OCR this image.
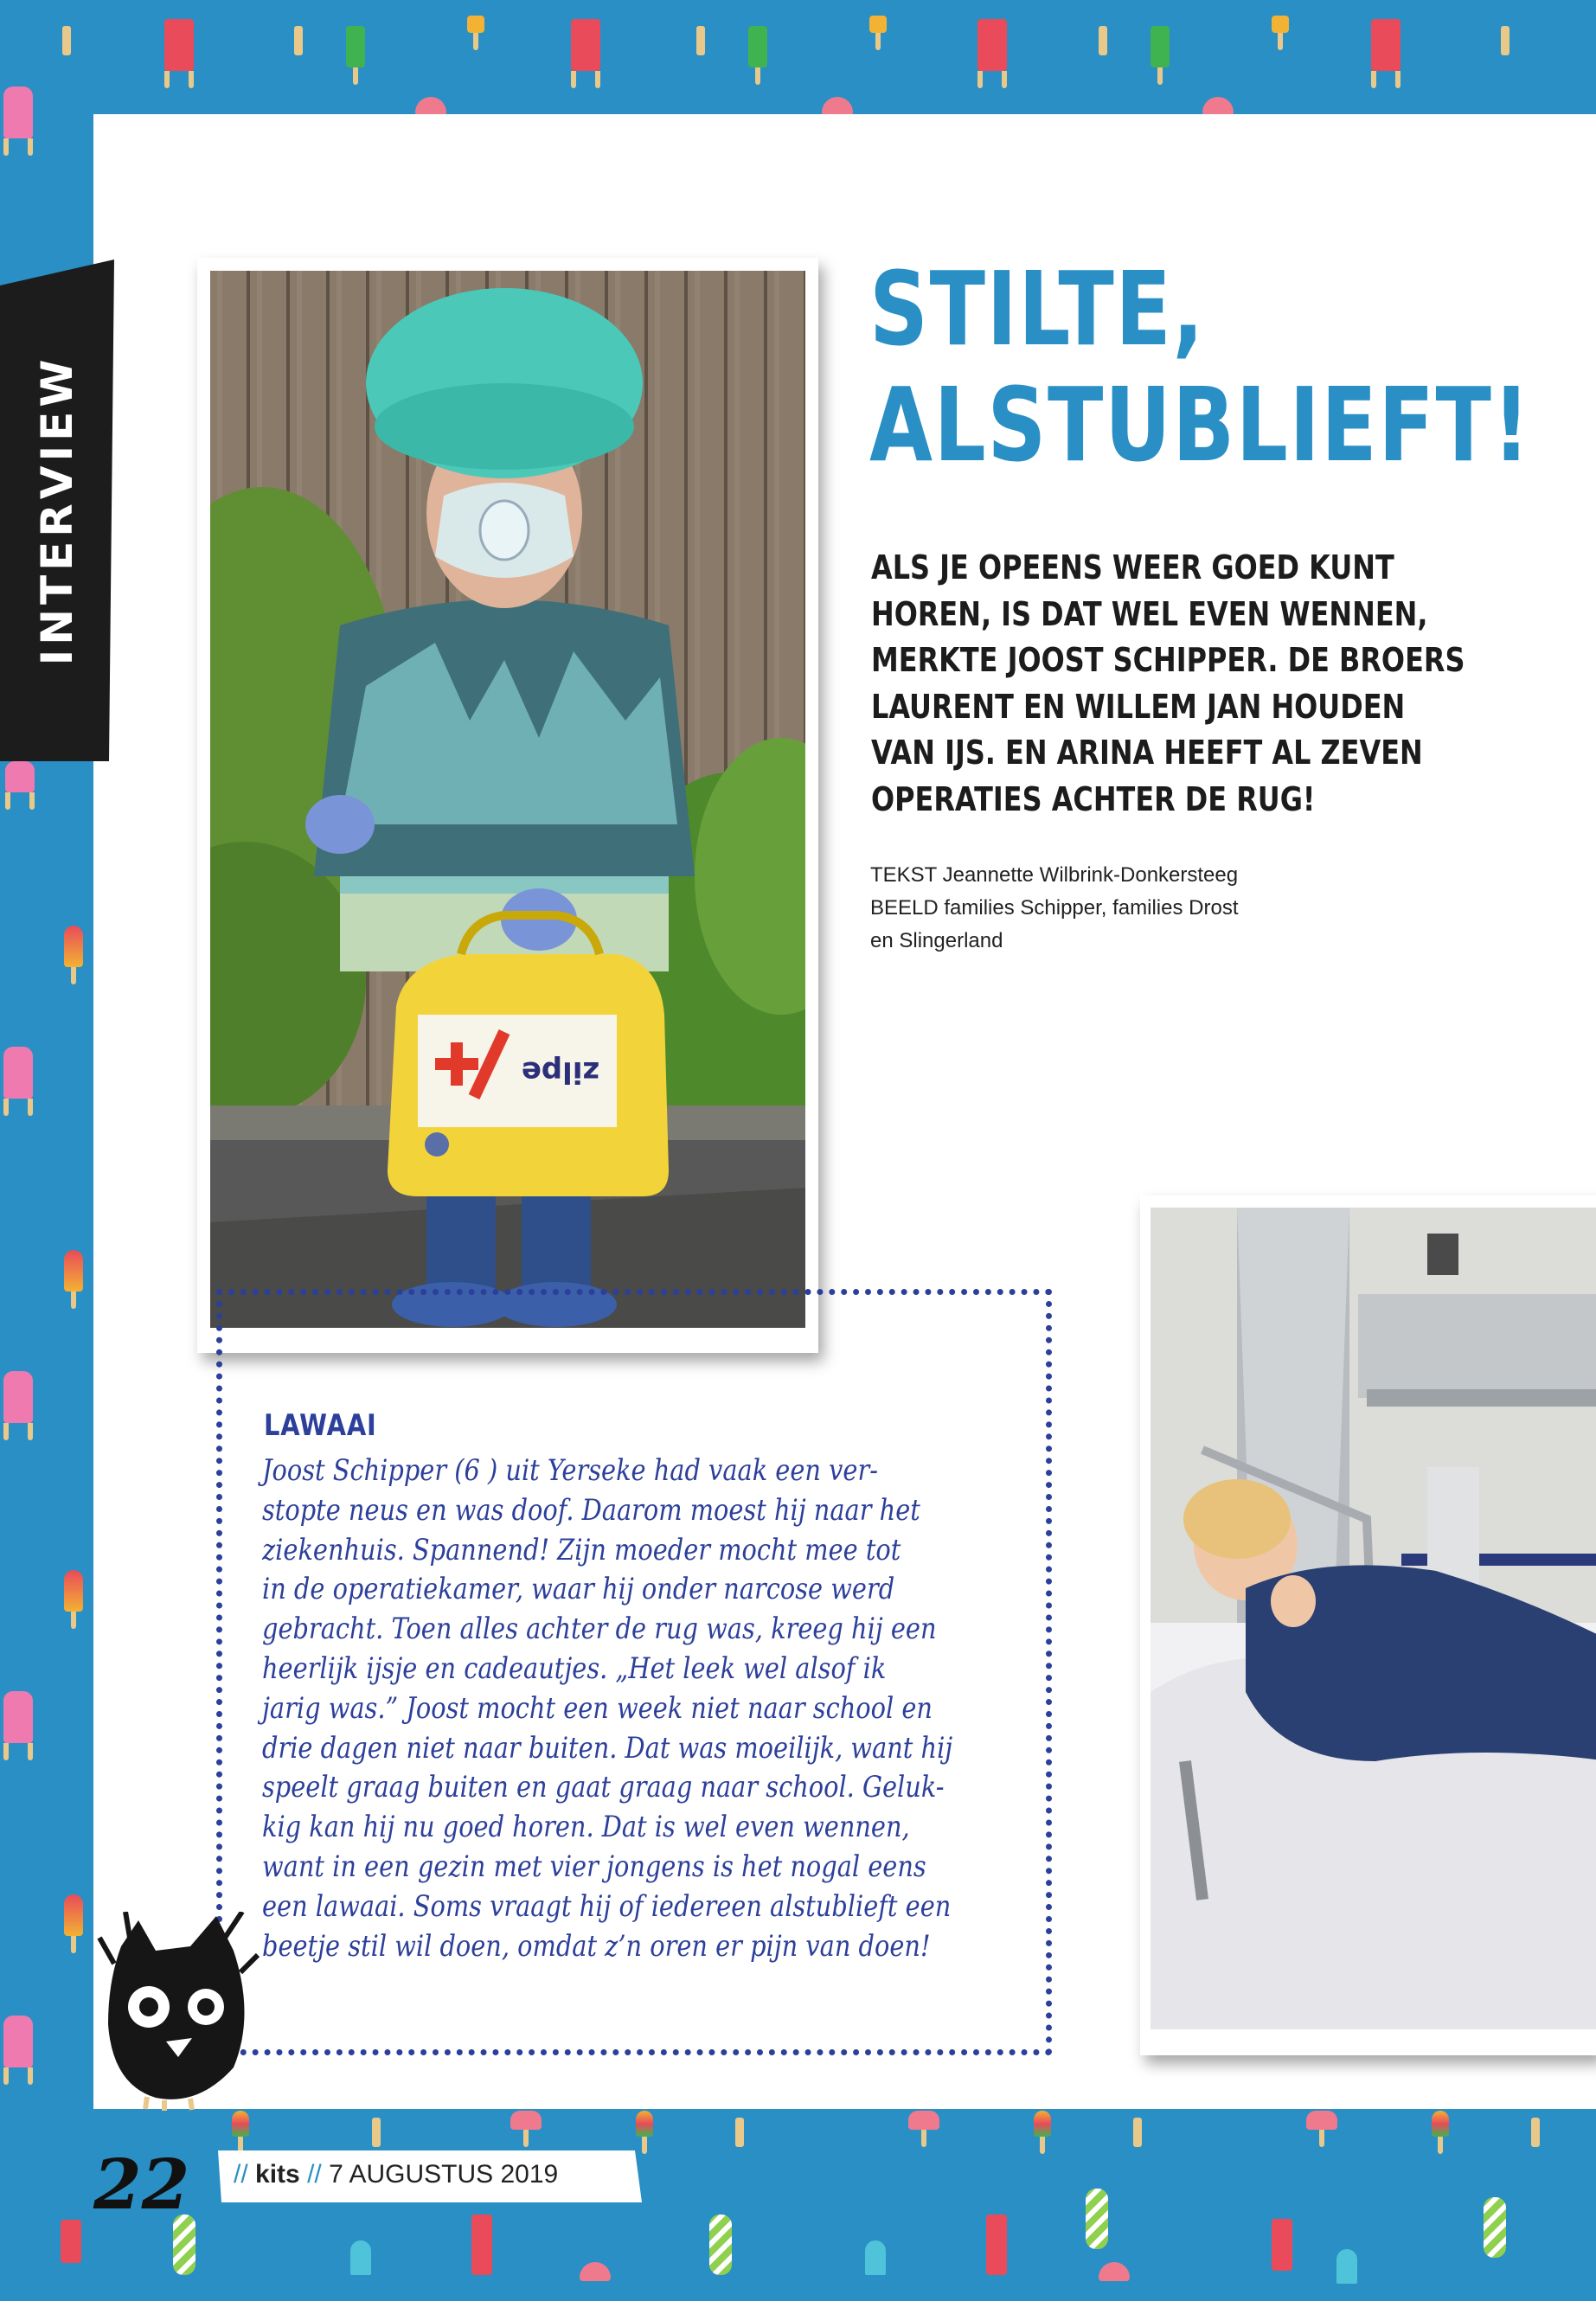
INTERVIEW
zilpe
STILTE,
ALSTUBLIEFT!
ALS JE OPEENS WEER GOED KUNT
HOREN, IS DAT WEL EVEN WENNEN,
MERKTE JOOST SCHIPPER. DE BROERS
LAURENT EN WILLEM JAN HOUDEN
VAN IJS. EN ARINA HEEFT AL ZEVEN
OPERATIES ACHTER DE RUG!
TEKST Jeannette Wilbrink-Donkersteeg
BEELD families Schipper, families Drost
en Slingerland
LAWAAI
Joost Schipper (6 ) uit Yerseke had vaak een ver-
stopte neus en was doof. Daarom moest hij naar het
ziekenhuis. Spannend! Zijn moeder mocht mee tot
in de operatiekamer, waar hij onder narcose werd
gebracht. Toen alles achter de rug was, kreeg hij een
heerlijk ijsje en cadeautjes. „Het leek wel alsof ik
jarig was.” Joost mocht een week niet naar school en
drie dagen niet naar buiten. Dat was moeilijk, want hij
speelt graag buiten en gaat graag naar school. Geluk-
kig kan hij nu goed horen. Dat is wel even wennen,
want in een gezin met vier jongens is het nogal eens
een lawaai. Soms vraagt hij of iedereen alstublieft een
beetje stil wil doen, omdat z’n oren er pijn van doen!
22 // kits // 7 AUGUSTUS 2019
